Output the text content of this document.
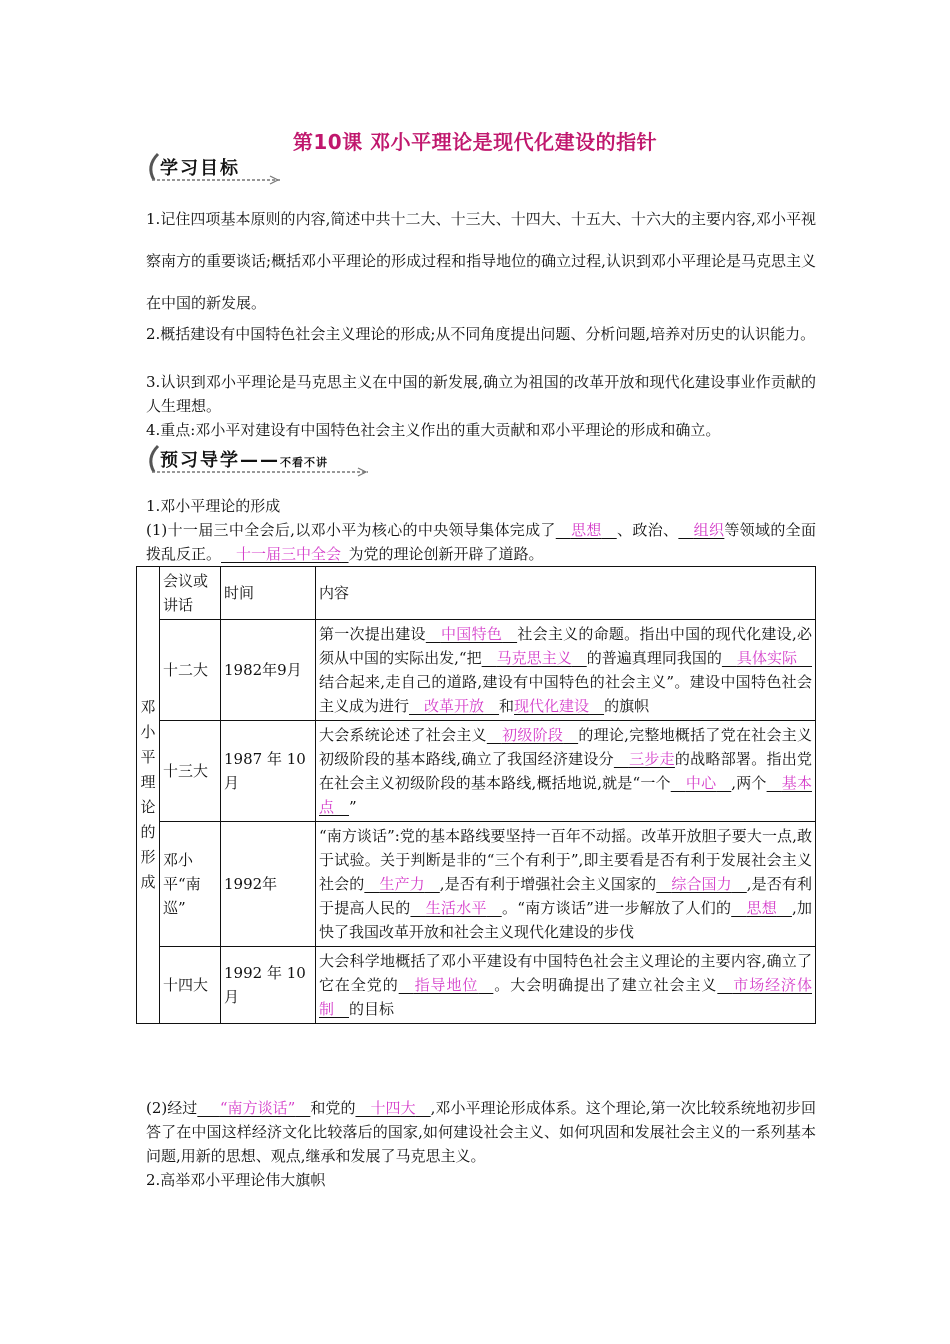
第10课 邓小平理论是现代化建设的指针
学习目标
1.记住四项基本原则的内容,简述中共十二大、十三大、十四大、十五大、十六大的主要内容,邓小平视察南方的重要谈话;概括邓小平理论的形成过程和指导地位的确立过程,认识到邓小平理论是马克思主义在中国的新发展。
2.概括建设有中国特色社会主义理论的形成;从不同角度提出问题、分析问题,培养对历史的认识能力。
3.认识到邓小平理论是马克思主义在中国的新发展,确立为祖国的改革开放和现代化建设事业作贡献的人生理想。
4.重点:邓小平对建设有中国特色社会主义作出的重大贡献和邓小平理论的形成和确立。
预习导学——不看不讲
1.邓小平理论的形成
(1)十一届三中全会后,以邓小平为核心的中央领导集体完成了   思想   、政治、   组织等领域的全面拨乱反正。   十一届三中全会  为党的理论创新开辟了道路。
邓小平理论的形成	会议或讲话	时间	内容
	十二大	1982年9月	第一次提出建设   中国特色   社会主义的命题。指出中国的现代化建设,必须从中国的实际出发,“把   马克思主义   的普遍真理同我国的   具体实际  结合起来,走自己的道路,建设有中国特色的社会主义”。建设中国特色社会主义成为进行   改革开放   和现代化建设   的旗帜
	十三大	1987 年 10月	大会系统论述了社会主义   初级阶段   的理论,完整地概括了党在社会主义初级阶段的基本路线,确立了我国经济建设分   三步走的战略部署。指出党在社会主义初级阶段的基本路线,概括地说,就是“一个   中心   ,两个   基本点   ”
	邓小平“南巡”	1992年	“南方谈话”:党的基本路线要坚持一百年不动摇。改革开放胆子要大一点,敢于试验。关于判断是非的“三个有利于”,即主要看是否有利于发展社会主义社会的   生产力   ,是否有利于增强社会主义国家的   综合国力   ,是否有利于提高人民的   生活水平   。“南方谈话”进一步解放了人们的   思想   ,加快了我国改革开放和社会主义现代化建设的步伐
	十四大	1992 年 10月	大会科学地概括了邓小平建设有中国特色社会主义理论的主要内容,确立了它在全党的   指导地位   。大会明确提出了建立社会主义   市场经济体制   的目标
(2)经过    “南方谈话”   和党的   十四大   ,邓小平理论形成体系。这个理论,第一次比较系统地初步回答了在中国这样经济文化比较落后的国家,如何建设社会主义、如何巩固和发展社会主义的一系列基本问题,用新的思想、观点,继承和发展了马克思主义。
2.高举邓小平理论伟大旗帜
